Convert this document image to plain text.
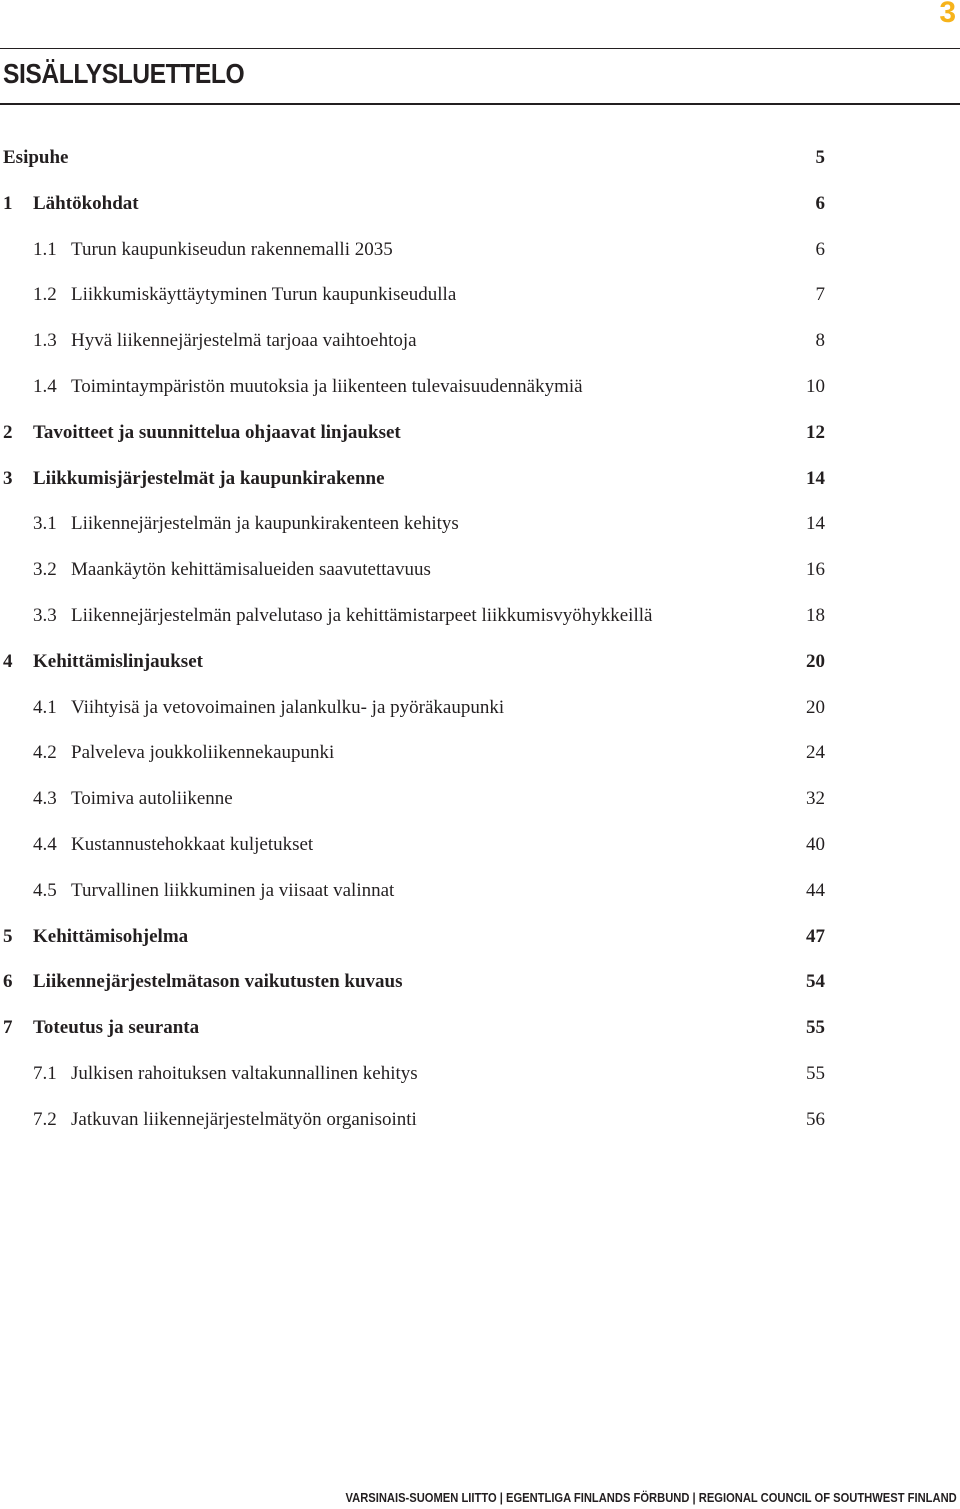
3
SISÄLLYSLUETTELO
Esipuhe	5
1 Lähtökohdat	6
1.1 Turun kaupunkiseudun rakennemalli 2035	6
1.2 Liikkumiskäyttäytyminen Turun kaupunkiseudulla	7
1.3 Hyvä liikennejärjestelmä tarjoaa vaihtoehtoja	8
1.4 Toimintaympäristön muutoksia ja liikenteen tulevaisuudennäkymiä	10
2 Tavoitteet ja suunnittelua ohjaavat linjaukset	12
3 Liikkumisjärjestelmät ja kaupunkirakenne	14
3.1 Liikennejärjestelmän ja kaupunkirakenteen kehitys	14
3.2 Maankäytön kehittämisalueiden saavutettavuus	16
3.3 Liikennejärjestelmän palvelutaso ja kehittämistarpeet liikkumisvyöhykkeillä	18
4 Kehittämislinjaukset	20
4.1 Viihtyisä ja vetovoimainen jalankulku- ja pyöräkaupunki	20
4.2 Palveleva joukkoliikennekaupunki	24
4.3 Toimiva autoliikenne	32
4.4 Kustannustehokkaat kuljetukset	40
4.5 Turvallinen liikkuminen ja viisaat valinnat	44
5 Kehittämisohjelma	47
6 Liikennejärjestelmätason vaikutusten kuvaus	54
7 Toteutus ja seuranta	55
7.1 Julkisen rahoituksen valtakunnallinen kehitys	55
7.2 Jatkuvan liikennejärjestelmätyön organisointi	56
VARSINAIS-SUOMEN LIITTO | EGENTLIGA FINLANDS FÖRBUND | REGIONAL COUNCIL OF SOUTHWEST FINLAND
